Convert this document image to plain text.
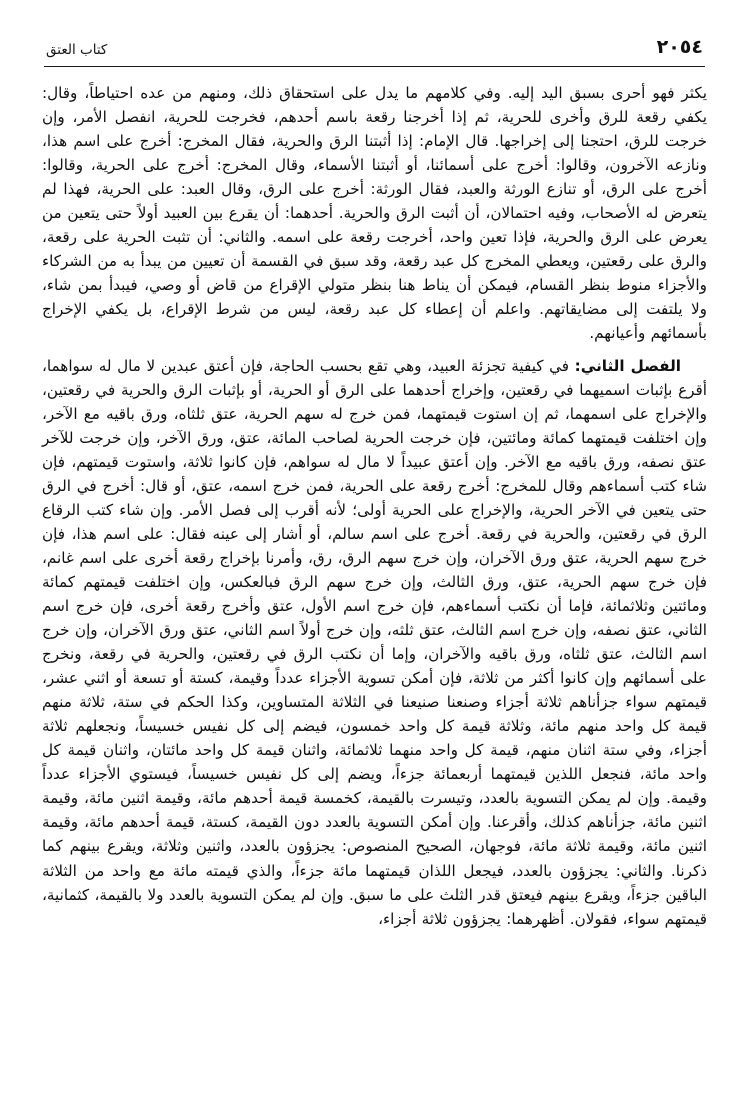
كتاب العتق	٢٠٥٤

يكثر فهو أحرى بسبق اليد إليه. وفي كلامهم ما يدل على استحقاق ذلك، ومنهم من عده احتياطاً، وقال: يكفي رقعة للرق وأخرى للحرية، ثم إذا أخرجنا رقعة باسم أحدهم، فخرجت للحرية، انفصل الأمر، وإن خرجت للرق، احتجنا إلى إخراجها. قال الإمام: إذا أثبتنا الرق والحرية، فقال المخرج: أخرج على اسم هذا، ونازعه الآخرون، وقالوا: أخرج على أسمائنا، أو أثبتنا الأسماء، وقال المخرج: أخرج على الحرية، وقالوا: أخرج على الرق، أو تنازع الورثة والعبد، فقال الورثة: أخرج على الرق، وقال العبد: على الحرية، فهذا لم يتعرض له الأصحاب، وفيه احتمالان، أن أثبت الرق والحرية. أحدهما: أن يقرع بين العبيد أولاً حتى يتعين من يعرض على الرق والحرية، فإذا تعين واحد، أخرجت رقعة على اسمه. والثاني: أن تثبت الحرية على رقعة، والرق على رقعتين، ويعطي المخرج كل عبد رقعة، وقد سبق في القسمة أن تعيين من يبدأ به من الشركاء والأجزاء منوط بنظر القسام، فيمكن أن يناط هنا بنظر متولي الإقراع من قاض أو وصي، فيبدأ بمن شاء، ولا يلتفت إلى مضايقاتهم. واعلم أن إعطاء كل عبد رقعة، ليس من شرط الإقراع، بل يكفي الإخراج بأسمائهم وأعيانهم.

الفصل الثاني: في كيفية تجزئة العبيد، وهي تقع بحسب الحاجة، فإن أعتق عبدين لا مال له سواهما، أقرع بإثبات اسميهما في رقعتين، وإخراج أحدهما على الرق أو الحرية، أو بإثبات الرق والحرية في رقعتين، والإخراج على اسمهما، ثم إن استوت قيمتهما، فمن خرج له سهم الحرية، عتق ثلثاه، ورق باقيه مع الآخر، وإن اختلفت قيمتهما كمائة ومائتين، فإن خرجت الحرية لصاحب المائة، عتق، ورق الآخر، وإن خرجت للآخر عتق نصفه، ورق باقيه مع الآخر. وإن أعتق عبيداً لا مال له سواهم، فإن كانوا ثلاثة، واستوت قيمتهم، فإن شاء كتب أسماءهم وقال للمخرج: أخرج رقعة على الحرية، فمن خرج اسمه، عتق، أو قال: أخرج في الرق حتى يتعين في الآخر الحرية، والإخراج على الحرية أولى؛ لأنه أقرب إلى فصل الأمر. وإن شاء كتب الرقاع الرق في رقعتين، والحرية في رقعة. أخرج على اسم سالم، أو أشار إلى عينه فقال: على اسم هذا، فإن خرج سهم الحرية، عتق ورق الآخران، وإن خرج سهم الرق، رق، وأمرنا بإخراج رقعة أخرى على اسم غانم، فإن خرج سهم الحرية، عتق، ورق الثالث، وإن خرج سهم الرق فبالعكس، وإن اختلفت قيمتهم كمائة ومائتين وثلاثمائة، فإما أن نكتب أسماءهم، فإن خرج اسم الأول، عتق وأخرج رقعة أخرى، فإن خرج اسم الثاني، عتق نصفه، وإن خرج اسم الثالث، عتق ثلثه، وإن خرج أولاً اسم الثاني، عتق ورق الآخران، وإن خرج اسم الثالث، عتق ثلثاه، ورق باقيه والآخران، وإما أن نكتب الرق في رقعتين، والحرية في رقعة، ونخرج على أسمائهم وإن كانوا أكثر من ثلاثة، فإن أمكن تسوية الأجزاء عدداً وقيمة، كستة أو تسعة أو اثني عشر، قيمتهم سواء جزأناهم ثلاثة أجزاء وصنعنا صنيعنا في الثلاثة المتساوين، وكذا الحكم في ستة، ثلاثة منهم قيمة كل واحد منهم مائة، وثلاثة قيمة كل واحد خمسون، فيضم إلى كل نفيس خسيساً، ونجعلهم ثلاثة أجزاء، وفي ستة اثنان منهم، قيمة كل واحد منهما ثلاثمائة، واثنان قيمة كل واحد مائتان، واثنان قيمة كل واحد مائة، فنجعل اللذين قيمتهما أربعمائة جزءاً، ويضم إلى كل نفيس خسيساً، فيستوي الأجزاء عدداً وقيمة. وإن لم يمكن التسوية بالعدد، وتيسرت بالقيمة، كخمسة قيمة أحدهم مائة، وقيمة اثنين مائة، وقيمة اثنين مائة، جزأناهم كذلك، وأقرعنا. وإن أمكن التسوية بالعدد دون القيمة، كستة، قيمة أحدهم مائة، وقيمة اثنين مائة، وقيمة ثلاثة مائة، فوجهان، الصحيح المنصوص: يجزؤون بالعدد، واثنين وثلاثة، ويقرع بينهم كما ذكرنا. والثاني: يجزؤون بالعدد، فيجعل اللذان قيمتهما مائة جزءاً، والذي قيمته مائة مع واحد من الثلاثة الباقين جزءاً، ويقرع بينهم فيعتق قدر الثلث على ما سبق. وإن لم يمكن التسوية بالعدد ولا بالقيمة، كثمانية، قيمتهم سواء، فقولان. أظهرهما: يجزؤون ثلاثة أجزاء،
